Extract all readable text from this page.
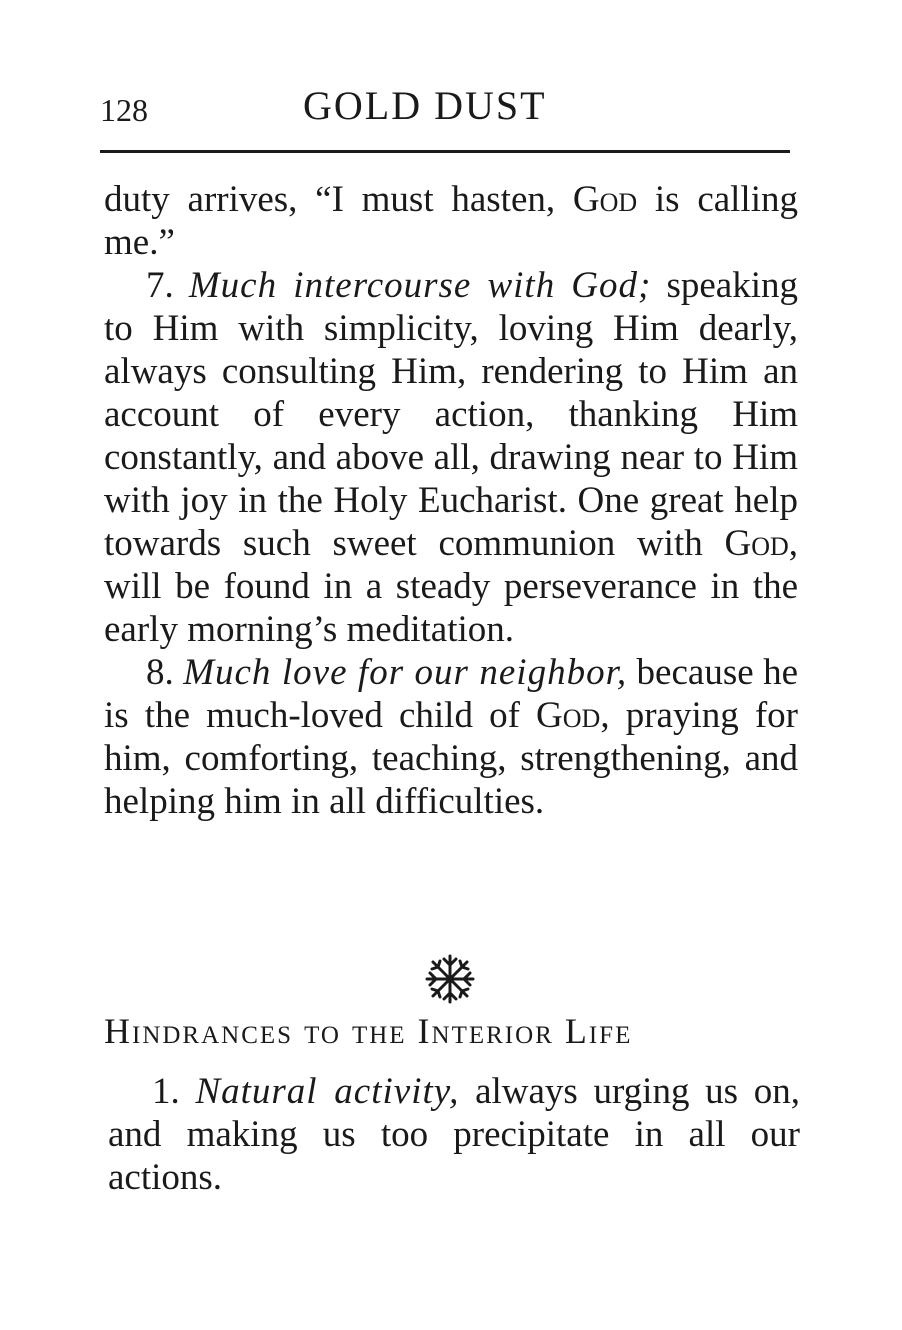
128	GOLD DUST

duty arrives, “I must hasten, God is calling me.”

7. Much intercourse with God; speaking to Him with simplicity, loving Him dearly, always consulting Him, rendering to Him an account of every action, thanking Him constantly, and above all, drawing near to Him with joy in the Holy Eucharist. One great help towards such sweet communion with God, will be found in a steady perseverance in the early morning’s meditation.

8. Much love for our neighbor, because he is the much-loved child of God, praying for him, comforting, teaching, strengthening, and helping him in all difficulties.

Hindrances to the Interior Life

1. Natural activity, always urging us on, and making us too precipitate in all our actions.
